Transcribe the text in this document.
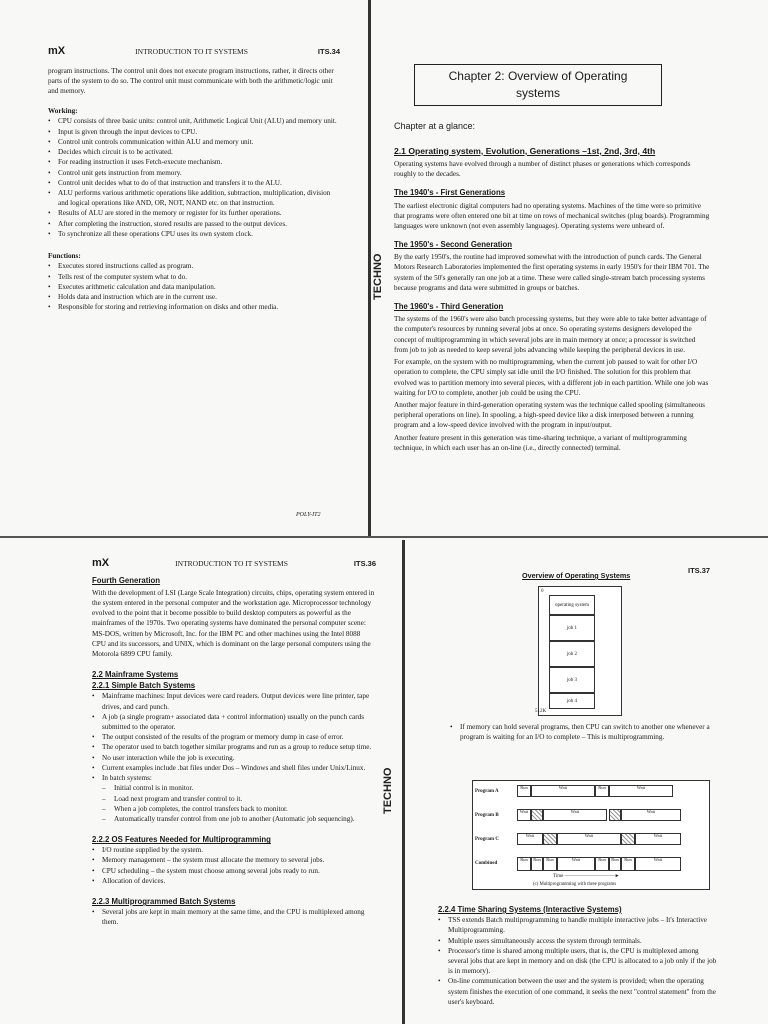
mX	INTRODUCTION TO IT SYSTEMS	ITS.34

program instructions. The control unit does not execute program instructions, rather, it directs other parts of the system to do so. The control unit must communicate with both the arithmetic/logic unit and memory.

Working:
• CPU consists of three basic units: control unit, Arithmetic Logical Unit (ALU) and memory unit.
• Input is given through the input devices to CPU.
• Control unit controls communication within ALU and memory unit.
• Decides which circuit is to be activated.
• For reading instruction it uses Fetch-execute mechanism.
• Control unit gets instruction from memory.
• Control unit decides what to do of that instruction and transfers it to the ALU.
• ALU performs various arithmetic operations like addition, subtraction, multiplication, division and logical operations like AND, OR, NOT, NAND etc. on that instruction.
• Results of ALU are stored in the memory or register for its further operations.
• After completing the instruction, stored results are passed to the output devices.
• To synchronize all these operations CPU uses its own system clock.
Functions:
• Executes stored instructions called as program.
• Tells rest of the computer system what to do.
• Executes arithmetic calculation and data manipulation.
• Holds data and instruction which are in the current use.
• Responsible for storing and retrieving information on disks and other media.
POLY-IT2
TECHNO
Chapter 2: Overview of Operating systems
Chapter at a glance:
2.1 Operating system, Evolution, Generations –1st, 2nd, 3rd, 4th

Operating systems have evolved through a number of distinct phases or generations which corresponds roughly to the decades.

The 1940's - First Generations

The earliest electronic digital computers had no operating systems. Machines of the time were so primitive that programs were often entered one bit at time on rows of mechanical switches (plug boards). Programming languages were unknown (not even assembly languages). Operating systems were unheard of.

The 1950's - Second Generation

By the early 1950's, the routine had improved somewhat with the introduction of punch cards. The General Motors Research Laboratories implemented the first operating systems in early 1950's for their IBM 701. The system of the 50's generally ran one job at a time. These were called single-stream batch processing systems because programs and data were submitted in groups or batches.

The 1960's - Third Generation

The systems of the 1960's were also batch processing systems, but they were able to take better advantage of the computer's resources by running several jobs at once. So operating systems designers developed the concept of multiprogramming in which several jobs are in main memory at once; a processor is switched from job to job as needed to keep several jobs advancing while keeping the peripheral devices in use.

For example, on the system with no multiprogramming, when the current job paused to wait for other I/O operation to complete, the CPU simply sat idle until the I/O finished. The solution for this problem that evolved was to partition memory into several pieces, with a different job in each partition. While one job was waiting for I/O to complete, another job could be using the CPU.

Another major feature in third-generation operating system was the technique called spooling (simultaneous peripheral operations on line). In spooling, a high-speed device like a disk interposed between a running program and a low-speed device involved with the program in input/output.

Another feature present in this generation was time-sharing technique, a variant of multiprogramming technique, in which each user has an on-line (i.e., directly connected) terminal.

mX	INTRODUCTION TO IT SYSTEMS	ITS.36
Fourth Generation

With the development of LSI (Large Scale Integration) circuits, chips, operating system entered in the system entered in the personal computer and the workstation age. Microprocessor technology evolved to the point that it become possible to build desktop computers as powerful as the mainframes of the 1970s. Two operating systems have dominated the personal computer scene: MS-DOS, written by Microsoft, Inc. for the IBM PC and other machines using the Intel 8088 CPU and its successors, and UNIX, which is dominant on the large personal computers using the Motorola 6899 CPU family.

2.2 Mainframe Systems
2.2.1 Simple Batch Systems
• Mainframe machines: Input devices were card readers. Output devices were line printer, tape drives, and card punch.
• A job (a single program+ associated data + control information) usually on the punch cards submitted to the operator.
• The output consisted of the results of the program or memory dump in case of error.
• The operator used to batch together similar programs and run as a group to reduce setup time.
• No user interaction while the job is executing.
• Current examples include .bat files under Dos – Windows and shell files under Unix/Linux.
• In batch systems:
– Initial control is in monitor.
– Load next program and transfer control to it.
– When a job completes, the control transfers back to monitor.
– Automatically transfer control from one job to another (Automatic job sequencing).
2.2.2 OS Features Needed for Multiprogramming
• I/O routine supplied by the system.
• Memory management – the system must allocate the memory to several jobs.
• CPU scheduling – the system must choose among several jobs ready to run.
• Allocation of devices.
2.2.3 Multiprogrammed Batch Systems
• Several jobs are kept in main memory at the same time, and the CPU is multiplexed among them.
TECHNO
Overview of Operating Systems
ITS.37
0
operating system
job 1
job 2
job 3
job 4
512K
• If memory can hold several programs, then CPU can switch to another one whenever a program is waiting for an I/O to complete – This is multiprogramming.
Program A
Program B
Program C
Combined
Run	Wait	Run	Wait
Wait	Wait	Wait
Wait	Wait	Wait
Run	Run	Run	Wait	Run	Run	Run	Wait
Time ——————————►
(c) Multiprogramming with three programs
2.2.4 Time Sharing Systems (Interactive Systems)
• TSS extends Batch multiprogramming to handle multiple interactive jobs – It's Interactive Multiprogramming.
• Multiple users simultaneously access the system through terminals.
• Processor's time is shared among multiple users, that is, the CPU is multiplexed among several jobs that are kept in memory and on disk (the CPU is allocated to a job only if the job is in memory).
• On-line communication between the user and the system is provided; when the operating system finishes the execution of one command, it seeks the next "control statement" from the user's keyboard.
